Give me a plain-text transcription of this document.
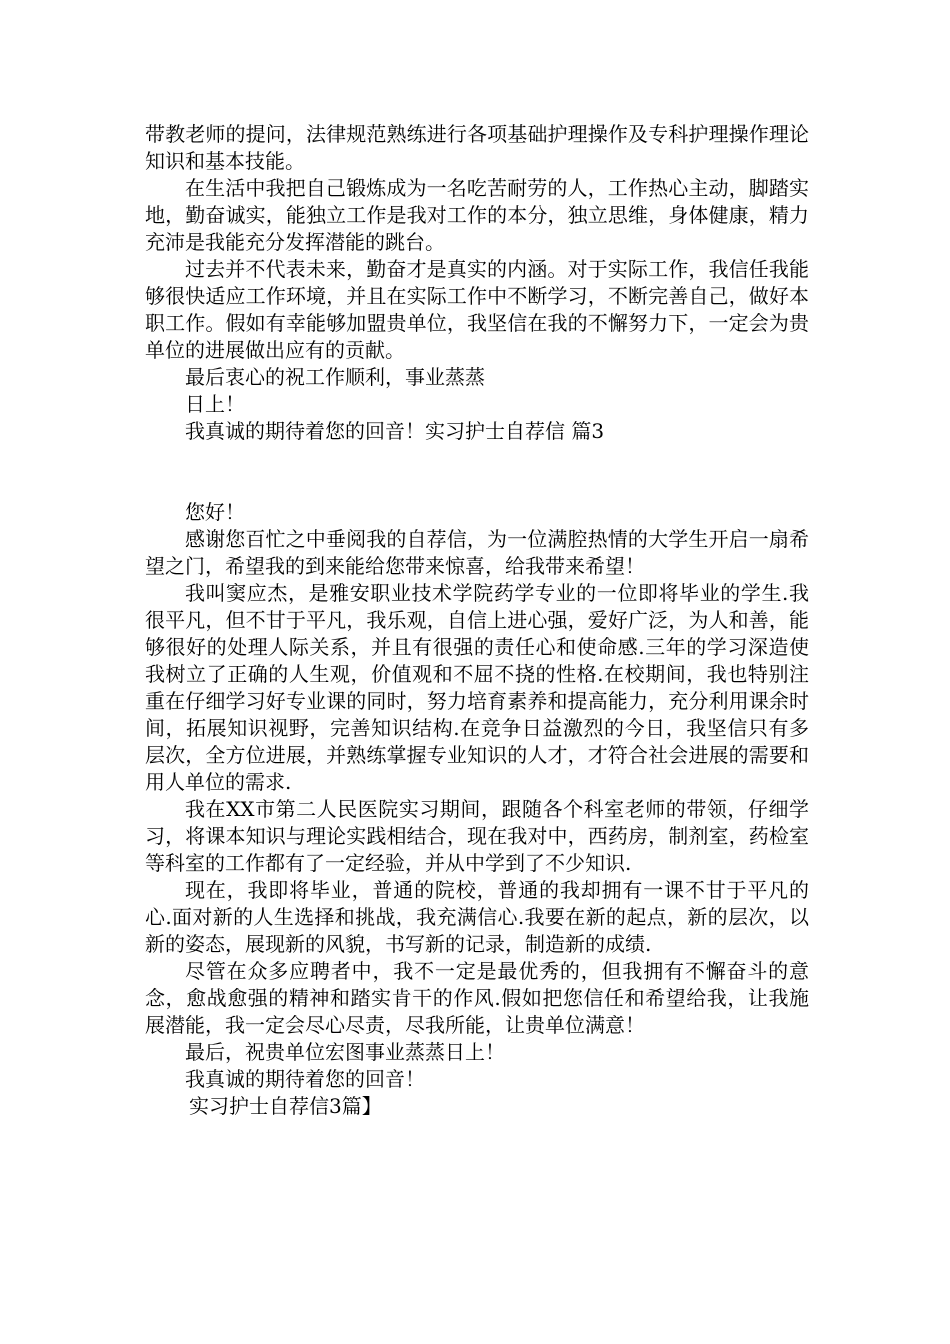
带教老师的提问，法律规范熟练进行各项基础护理操作及专科护理操作理论知识和基本技能。

在生活中我把自己锻炼成为一名吃苦耐劳的人，工作热心主动，脚踏实地，勤奋诚实，能独立工作是我对工作的本分，独立思维，身体健康，精力充沛是我能充分发挥潜能的跳台。

过去并不代表未来，勤奋才是真实的内涵。对于实际工作，我信任我能够很快适应工作环境，并且在实际工作中不断学习，不断完善自己，做好本职工作。假如有幸能够加盟贵单位，我坚信在我的不懈努力下，一定会为贵单位的进展做出应有的贡献。

最后衷心的祝工作顺利，事业蒸蒸

日上！

我真诚的期待着您的回音！实习护士自荐信 篇3

您好！

感谢您百忙之中垂阅我的自荐信，为一位满腔热情的大学生开启一扇希望之门，希望我的到来能给您带来惊喜，给我带来希望！

我叫窦应杰，是雅安职业技术学院药学专业的一位即将毕业的学生.我很平凡，但不甘于平凡，我乐观，自信上进心强，爱好广泛，为人和善，能够很好的处理人际关系，并且有很强的责任心和使命感.三年的学习深造使我树立了正确的人生观，价值观和不屈不挠的性格.在校期间，我也特别注重在仔细学习好专业课的同时，努力培育素养和提高能力，充分利用课余时间，拓展知识视野，完善知识结构.在竞争日益激烈的今日，我坚信只有多层次，全方位进展，并熟练掌握专业知识的人才，才符合社会进展的需要和用人单位的需求.

我在XX市第二人民医院实习期间，跟随各个科室老师的带领，仔细学习，将课本知识与理论实践相结合，现在我对中，西药房，制剂室，药检室等科室的工作都有了一定经验，并从中学到了不少知识.

现在，我即将毕业，普通的院校，普通的我却拥有一课不甘于平凡的心.面对新的人生选择和挑战，我充满信心.我要在新的起点，新的层次，以新的姿态，展现新的风貌，书写新的记录，制造新的成绩.

尽管在众多应聘者中，我不一定是最优秀的，但我拥有不懈奋斗的意念，愈战愈强的精神和踏实肯干的作风.假如把您信任和希望给我，让我施展潜能，我一定会尽心尽责，尽我所能，让贵单位满意！

最后，祝贵单位宏图事业蒸蒸日上！

我真诚的期待着您的回音！

实习护士自荐信3篇】
